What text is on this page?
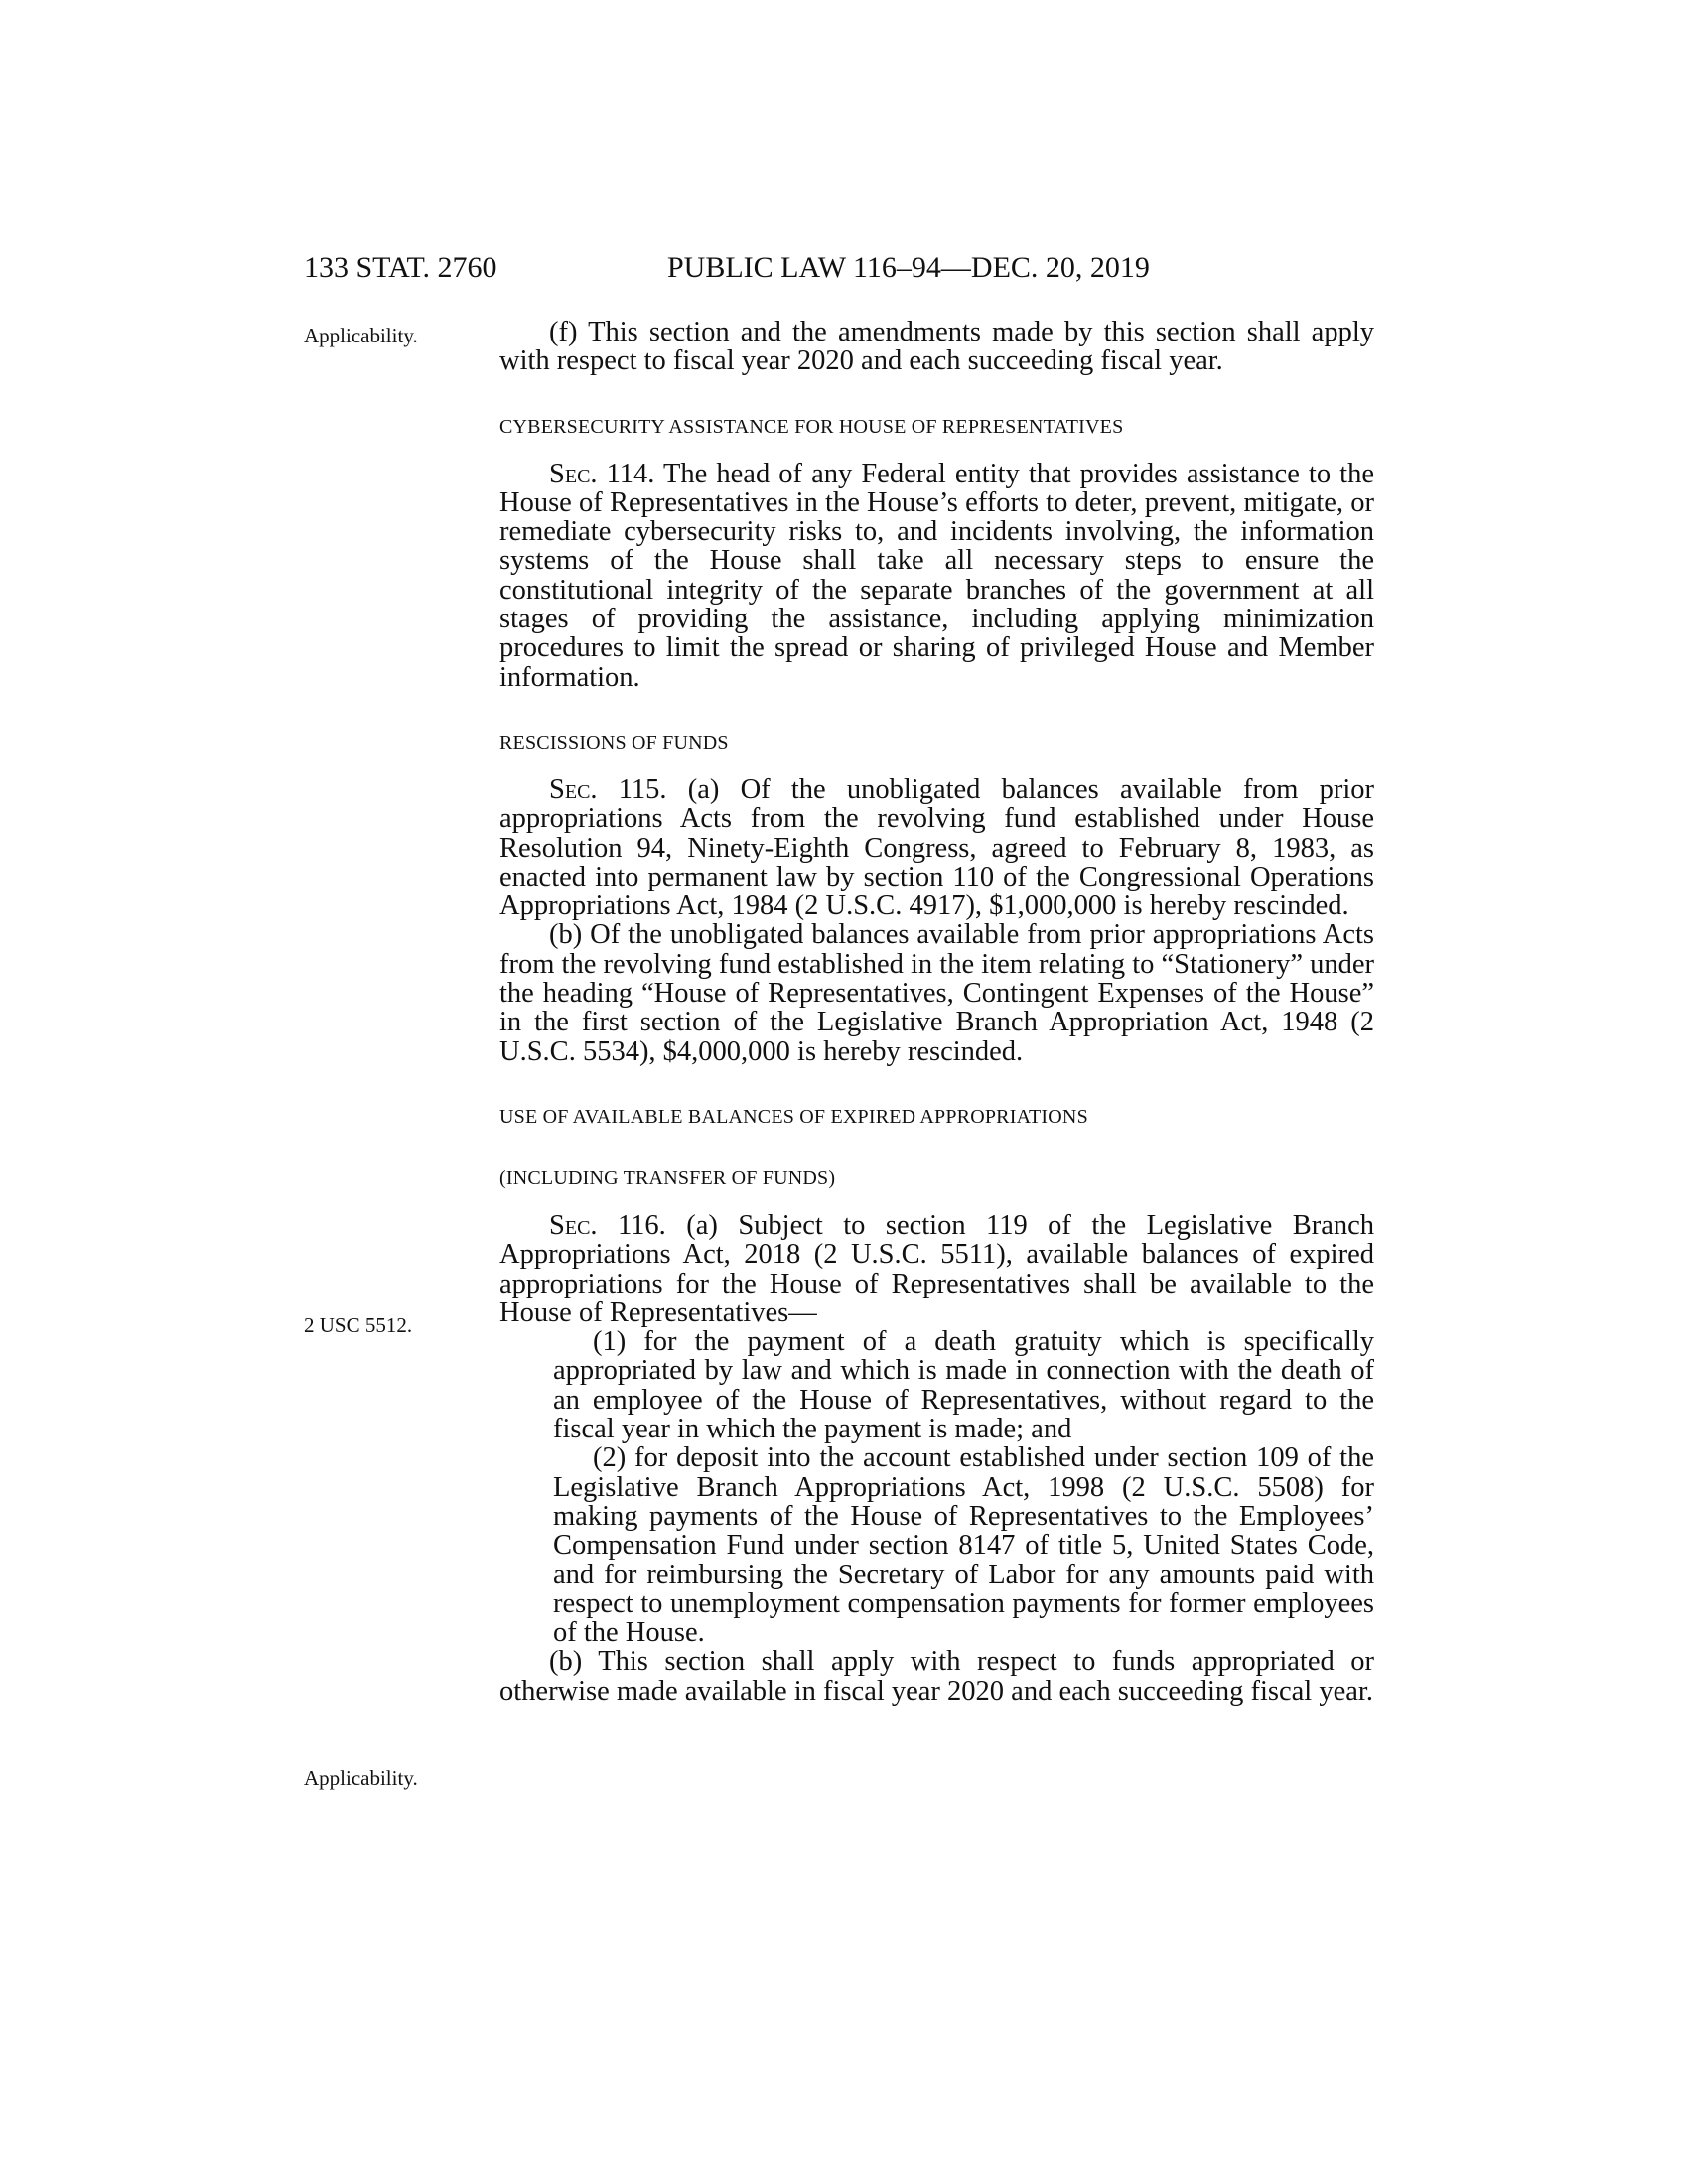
133 STAT. 2760	PUBLIC LAW 116–94—DEC. 20, 2019
Applicability.
2 USC 5512.
Applicability.

(f) This section and the amendments made by this section shall apply with respect to fiscal year 2020 and each succeeding fiscal year.

CYBERSECURITY ASSISTANCE FOR HOUSE OF REPRESENTATIVES

Sec. 114. The head of any Federal entity that provides assistance to the House of Representatives in the House’s efforts to deter, prevent, mitigate, or remediate cybersecurity risks to, and incidents involving, the information systems of the House shall take all necessary steps to ensure the constitutional integrity of the separate branches of the government at all stages of providing the assistance, including applying minimization procedures to limit the spread or sharing of privileged House and Member information.

RESCISSIONS OF FUNDS

Sec. 115. (a) Of the unobligated balances available from prior appropriations Acts from the revolving fund established under House Resolution 94, Ninety-Eighth Congress, agreed to February 8, 1983, as enacted into permanent law by section 110 of the Congressional Operations Appropriations Act, 1984 (2 U.S.C. 4917), $1,000,000 is hereby rescinded.

(b) Of the unobligated balances available from prior appropriations Acts from the revolving fund established in the item relating to “Stationery” under the heading “House of Representatives, Contingent Expenses of the House” in the first section of the Legislative Branch Appropriation Act, 1948 (2 U.S.C. 5534), $4,000,000 is hereby rescinded.

USE OF AVAILABLE BALANCES OF EXPIRED APPROPRIATIONS

(INCLUDING TRANSFER OF FUNDS)

Sec. 116. (a) Subject to section 119 of the Legislative Branch Appropriations Act, 2018 (2 U.S.C. 5511), available balances of expired appropriations for the House of Representatives shall be available to the House of Representatives—

(1) for the payment of a death gratuity which is specifically appropriated by law and which is made in connection with the death of an employee of the House of Representatives, without regard to the fiscal year in which the payment is made; and

(2) for deposit into the account established under section 109 of the Legislative Branch Appropriations Act, 1998 (2 U.S.C. 5508) for making payments of the House of Representatives to the Employees’ Compensation Fund under section 8147 of title 5, United States Code, and for reimbursing the Secretary of Labor for any amounts paid with respect to unemployment compensation payments for former employees of the House.

(b) This section shall apply with respect to funds appropriated or otherwise made available in fiscal year 2020 and each succeeding fiscal year.
